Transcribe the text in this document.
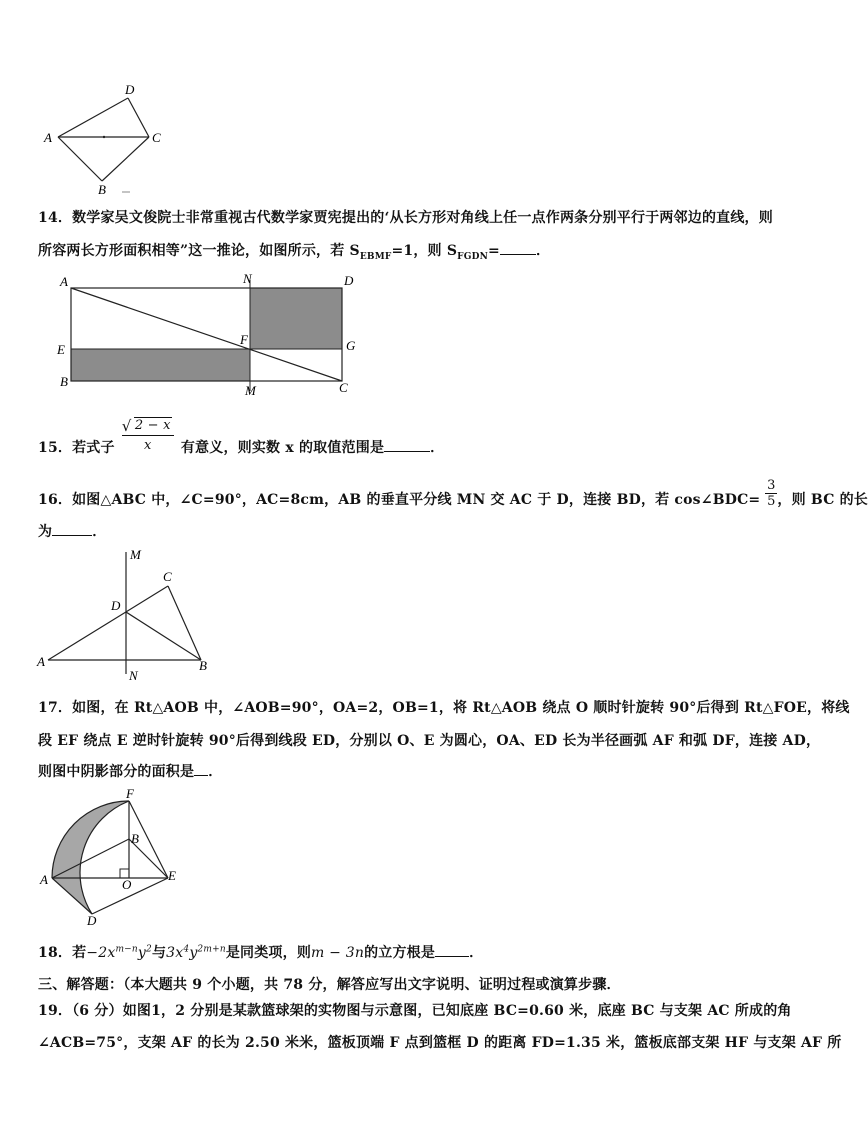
D
A	C
B
14．数学家吴文俊院士非常重视古代数学家贾宪提出的‘从长方形对角线上任一点作两条分别平行于两邻边的直线，则
所容两长方形面积相等”这一推论，如图所示，若 $S_{EBMF}=1$，则 $S_{FGDN}=$	．
A	N	D
E
F	G
B
M	C
15．若式子 $\frac{√ 2 - x}{x}$ 有意义，则实数 x 的取值范围是	．
16．如图△ABC 中，∠C=90°，AC=8cm，AB 的垂直平分线 MN 交 AC 于 D，连接 BD，若 cos∠BDC= $\frac{3}{5}$ ，则 BC 的长
为	．
M
C
D
A
N
B
17．如图，在 Rt△AOB 中，∠AOB=90°，OA=2，OB=1，将 Rt△AOB 绕点 O 顺时针旋转 90°后得到 Rt△FOE，将线
段 EF 绕点 E 逆时针旋转 90°后得到线段 ED，分别以 O、E 为圆心，OA、ED 长为半径画弧 AF 和弧 DF，连接 AD，
则图中阴影部分的面积是 ．
F
B
A	O
E
D
18．若$-2x^{m-n}y^2$与$3x^4y^{2m+n}$是同类项，则m − 3n的立方根是 ．
三、解答题：（本大题共 9 个小题，共 78 分，解答应写出文字说明、证明过程或演算步骤．
19．（6 分）如图1，2 分别是某款篮球架的实物图与示意图，已知底座 BC=0.60 米，底座 BC 与支架 AC 所成的角
∠ACB=75°，支架 AF 的长为 2.50 米米，篮板顶端 F 点到篮框 D 的距离 FD=1.35 米，篮板底部支架 HF 与支架 AF 所
